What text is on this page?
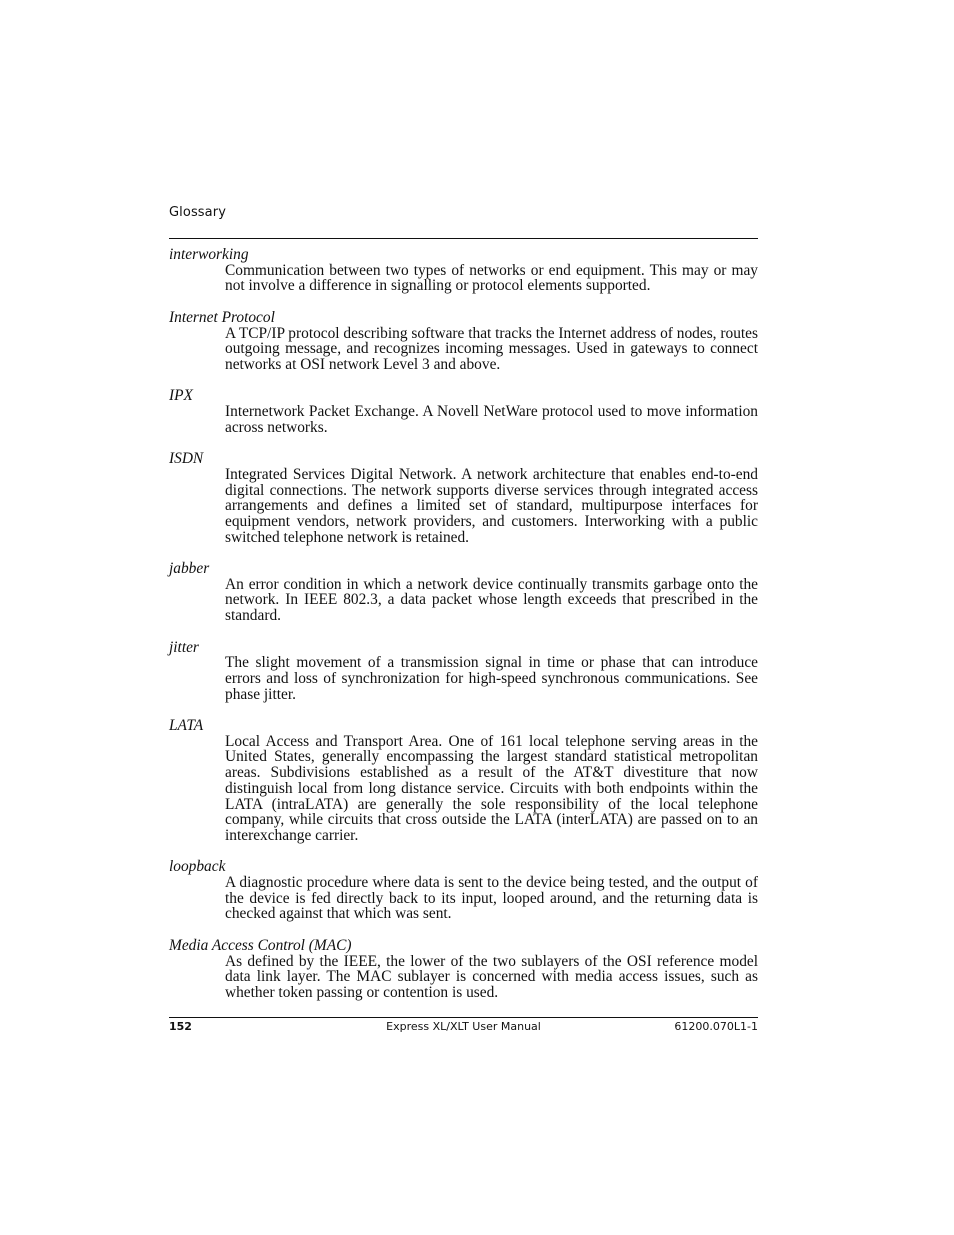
Glossary

interworking

Communication between two types of networks or end equipment. This may or may not involve a difference in signalling or protocol elements supported.

Internet Protocol

A TCP/IP protocol describing software that tracks the Internet address of nodes, routes outgoing message, and recognizes incoming messages. Used in gateways to connect networks at OSI network Level 3 and above.

IPX

Internetwork Packet Exchange. A Novell NetWare protocol used to move information across networks.

ISDN

Integrated Services Digital Network. A network architecture that enables end-to-end digital connections. The network supports diverse services through integrated access arrangements and defines a limited set of standard, multipurpose interfaces for equipment vendors, network providers, and customers. Interworking with a public switched telephone network is retained.

jabber

An error condition in which a network device continually transmits garbage onto the network. In IEEE 802.3, a data packet whose length exceeds that prescribed in the standard.

jitter

The slight movement of a transmission signal in time or phase that can introduce errors and loss of synchronization for high-speed synchronous communications. See phase jitter.

LATA

Local Access and Transport Area. One of 161 local telephone serving areas in the United States, generally encompassing the largest standard statistical metropolitan areas. Subdivisions established as a result of the AT&T divestiture that now distinguish local from long distance service. Circuits with both endpoints within the LATA (intraLATA) are generally the sole responsibility of the local telephone company, while circuits that cross outside the LATA (interLATA) are passed on to an interexchange carrier.

loopback

A diagnostic procedure where data is sent to the device being tested, and the output of the device is fed directly back to its input, looped around, and the returning data is checked against that which was sent.

Media Access Control (MAC)

As defined by the IEEE, the lower of the two sublayers of the OSI reference model data link layer. The MAC sublayer is concerned with media access issues, such as whether token passing or contention is used.

152	Express XL/XLT User Manual	61200.070L1-1
